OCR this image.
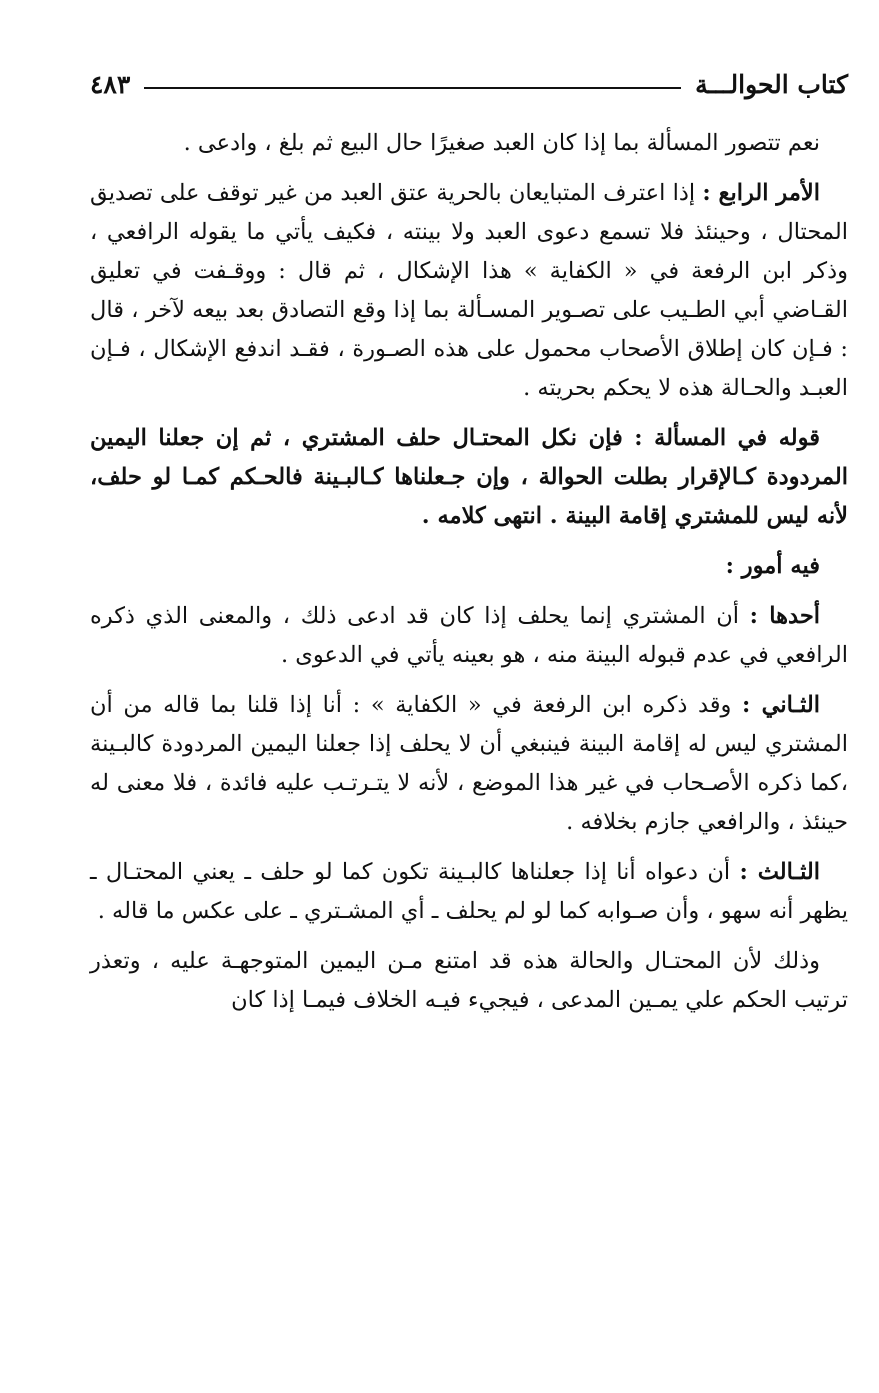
كتاب الحوالـــة
٤٨٣

نعم تتصور المسألة بما إذا كان العبد صغيرًا حال البيع ثم بلغ ، وادعى .

الأمر الرابع : إذا اعترف المتبايعان بالحرية عتق العبد من غير توقف على تصديق المحتال ، وحينئذ فلا تسمع دعوى العبد ولا بينته ، فكيف يأتي ما يقوله الرافعي ، وذكر ابن الرفعة في « الكفاية » هذا الإشكال ، ثم قال : ووقـفت في تعليق القـاضي أبي الطـيب على تصـوير المسـألة بما إذا وقع التصادق بعد بيعه لآخر ، قال : فـإن كان إطلاق الأصحاب محمول على هذه الصـورة ، فقـد اندفع الإشكال ، فـإن العبـد والحـالة هذه لا يحكم بحريته .

قوله في المسألة : فإن نكل المحتـال حلف المشتري ، ثم إن جعلنا اليمين المردودة كـالإقرار بطلت الحوالة ، وإن جـعلناها كـالبـينة فالحـكم كمـا لو حلف، لأنه ليس للمشتري إقامة البينة . انتهى كلامه .

فيه أمور :

أحدها : أن المشتري إنما يحلف إذا كان قد ادعى ذلك ، والمعنى الذي ذكره الرافعي في عدم قبوله البينة منه ، هو بعينه يأتي في الدعوى .

الثـاني : وقد ذكره ابن الرفعة في « الكفاية » : أنا إذا قلنا بما قاله من أن المشتري ليس له إقامة البينة فينبغي أن لا يحلف إذا جعلنا اليمين المردودة كالبـينة ،كما ذكره الأصـحاب في غير هذا الموضع ، لأنه لا يتـرتـب عليه فائدة ، فلا معنى له حينئذ ، والرافعي جازم بخلافه .

الثـالث : أن دعواه أنا إذا جعلناها كالبـينة تكون كما لو حلف ـ يعني المحتـال ـ يظهر أنه سهو ، وأن صـوابه كما لو لم يحلف ـ أي المشـتري ـ على عكس ما قاله .

وذلك لأن المحتـال والحالة هذه قد امتنع مـن اليمين المتوجهـة عليه ، وتعذر ترتيب الحكم علي يمـين المدعى ، فيجيء فيـه الخلاف فيمـا إذا كان
